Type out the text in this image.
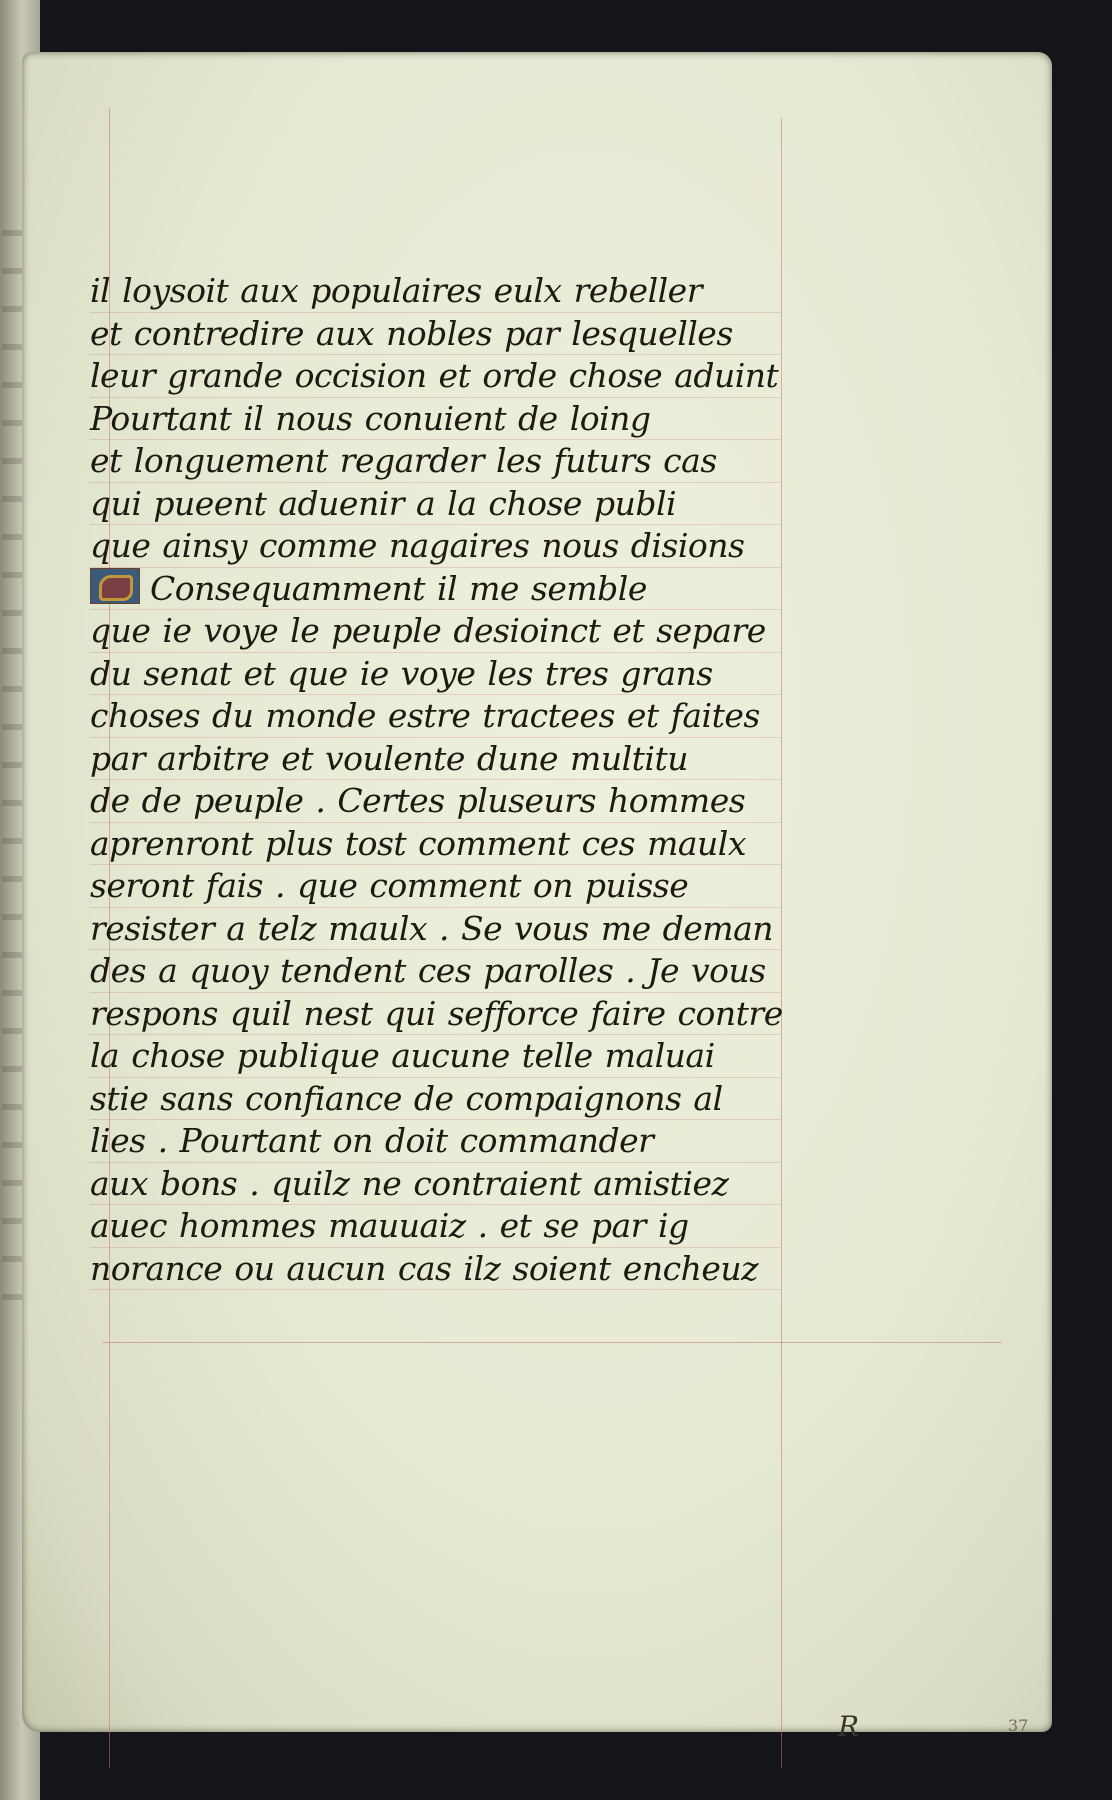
il loysoit aux populaires eulx rebeller
et contredire aux nobles par lesquelles
leur grande occision et orde chose aduint
Pourtant il nous conuient de loing
et longuement regarder les futurs cas
qui pueent aduenir a la chose publi
que ainsy comme nagaires nous disions
Consequamment il me semble
que ie voye le peuple desioinct et separe
du senat et que ie voye les tres grans
choses du monde estre tractees et faites
par arbitre et voulente dune multitu
de de peuple . Certes pluseurs hommes
aprenront plus tost comment ces maulx
seront fais . que comment on puisse
resister a telz maulx . Se vous me deman
des a quoy tendent ces parolles . Je vous
respons quil nest qui sefforce faire contre
la chose publique aucune telle maluai
stie sans confiance de compaignons al
lies . Pourtant on doit commander
aux bons . quilz ne contraient amistiez
auec hommes mauuaiz . et se par ig
norance ou aucun cas ilz soient encheuz
R	37
